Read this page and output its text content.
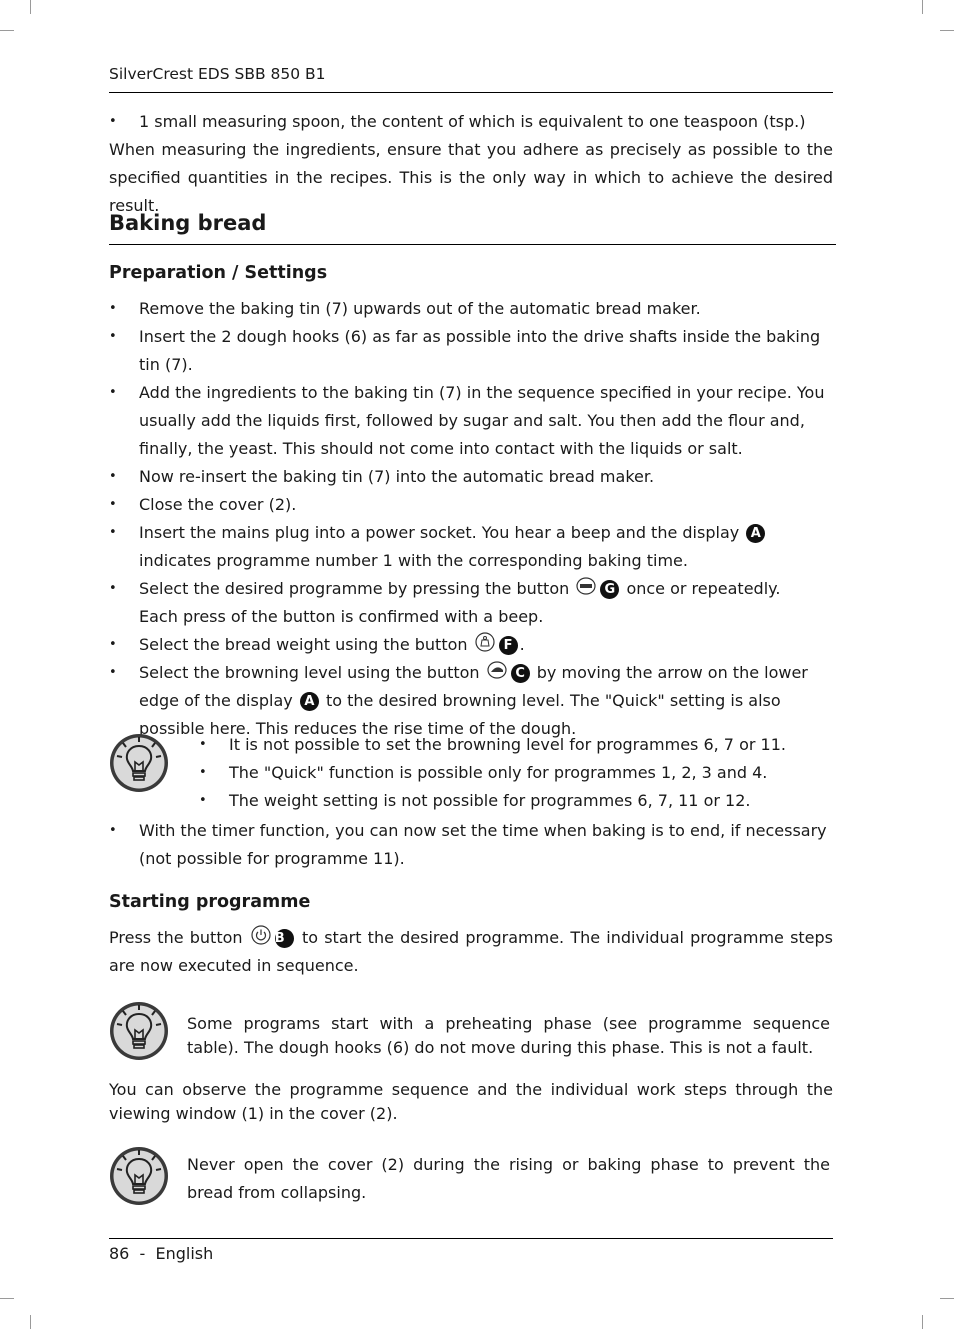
SilverCrest EDS SBB 850 B1
• 1 small measuring spoon, the content of which is equivalent to one teaspoon (tsp.)
When measuring the ingredients, ensure that you adhere as precisely as possible to the specified quantities in the recipes. This is the only way in which to achieve the desired result.
Baking bread
Preparation / Settings
• Remove the baking tin (7) upwards out of the automatic bread maker.
• Insert the 2 dough hooks (6) as far as possible into the drive shafts inside the baking tin (7).
• Add the ingredients to the baking tin (7) in the sequence specified in your recipe. You usually add the liquids first, followed by sugar and salt. You then add the flour and, finally, the yeast. This should not come into contact with the liquids or salt.
• Now re-insert the baking tin (7) into the automatic bread maker.
• Close the cover (2).
• Insert the mains plug into a power socket. You hear a beep and the display A indicates programme number 1 with the corresponding baking time.
• Select the desired programme by pressing the button	G once or repeatedly.
Each press of the button is confirmed with a beep.
• Select the bread weight using the button	F .
• Select the browning level using the button	C by moving the arrow on the lower edge of the display A to the desired browning level. The "Quick" setting is also possible here. This reduces the rise time of the dough.
• It is not possible to set the browning level for programmes 6, 7 or 11.
• The "Quick" function is possible only for programmes 1, 2, 3 and 4.
• The weight setting is not possible for programmes 6, 7, 11 or 12.
• With the timer function, you can now set the time when baking is to end, if necessary (not possible for programme 11).
Starting programme
Press the button B to start the desired programme. The individual programme steps are now executed in sequence.
Some programs start with a preheating phase (see programme sequence table). The dough hooks (6) do not move during this phase. This is not a fault.
You can observe the programme sequence and the individual work steps through the viewing window (1) in the cover (2).
Never open the cover (2) during the rising or baking phase to prevent the bread from collapsing.
86 - English
